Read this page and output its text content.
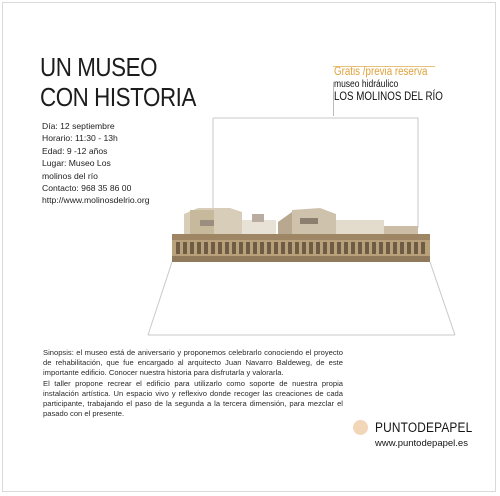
UN MUSEO
CON HISTORIA
Día: 12 septiembre
Horario: 11:30 - 13h
Edad: 9 -12 años
Lugar: Museo Los
molinos del río
Contacto: 968 35 86 00
http://www.molinosdelrio.org
Gratis /previa reserva
museo hidráulico
LOS MOLINOS DEL RÍO

Sinopsis: el museo está de aniversario y proponemos celebrarlo conociendo el proyecto de rehabilitación, que fue encargado al arquitecto Juan Navarro Baldeweg, de este importante edificio. Conocer nuestra historia para disfrutarla y valorarla.

El taller propone recrear el edificio para utilizarlo como soporte de nuestra propia instalación artística. Un espacio vivo y reflexivo donde recoger las creaciones de cada participante, trabajando el paso de la segunda a la tercera dimensión, para mezclar el pasado con el presente.

PUNTODEPAPEL
www.puntodepapel.es
